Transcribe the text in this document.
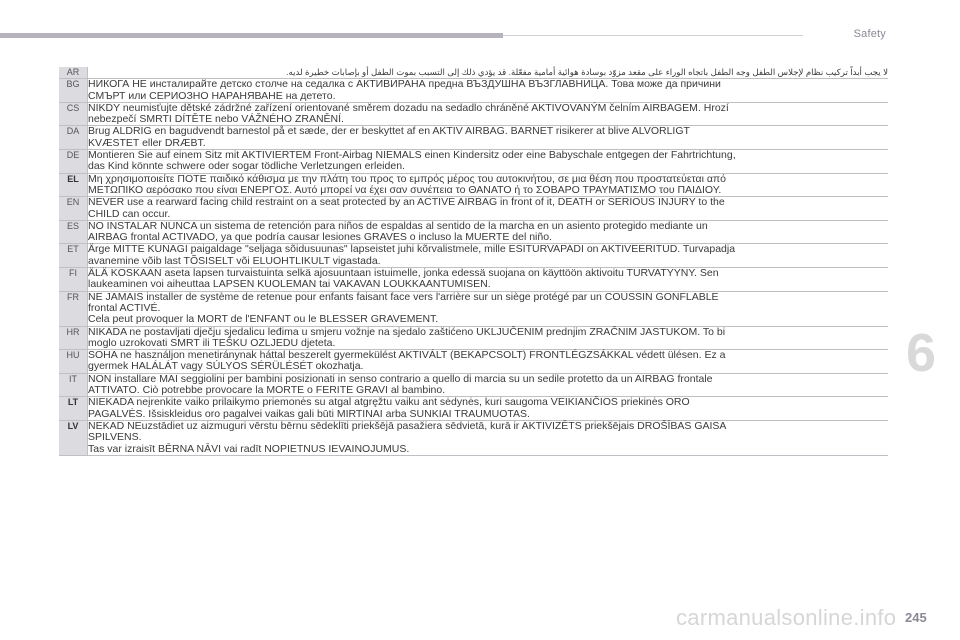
Safety
AR	لا يجب أبداً تركيب نظام لإجلاس الطفل وجه الطفل باتجاه الوراء على مقعد مزوّد بوسادة هوائية أمامية مفعّلة. قد يؤدي ذلك إلى التسبب بموت الطفل أو بإصابات خطيرة لديه.

BG	НИКОГА НЕ инсталирайте детско столче на седалка с АКТИВИРАНА предна ВЪЗДУШНА ВЪЗГЛАВНИЦА. Това може да причини
СМЪРТ или СЕРИОЗНО НАРАНЯВАНЕ на детето.

CS	NIKDY neumisťujte dětské zádržné zařízení orientované směrem dozadu na sedadlo chráněné AKTIVOVANÝM čelním AIRBAGEM. Hrozí
nebezpečí SMRTI DÍTĚTE nebo VÁŽNÉHO ZRANĚNÍ.

DA	Brug ALDRIG en bagudvendt barnestol på et sæde, der er beskyttet af en AKTIV AIRBAG. BARNET risikerer at blive ALVORLIGT
KVÆSTET eller DRÆBT.

DE	Montieren Sie auf einem Sitz mit AKTIVIERTEM Front-Airbag NIEMALS einen Kindersitz oder eine Babyschale entgegen der Fahrtrichtung,
das Kind könnte schwere oder sogar tödliche Verletzungen erleiden.

EL	Μη χρησιμοποιείτε ΠΟΤΕ παιδικό κάθισμα με την πλάτη του προς το εμπρός μέρος του αυτοκινήτου, σε μια θέση που προστατεύεται από
ΜΕΤΩΠΙΚΟ αερόσακο που είναι ΕΝΕΡΓΟΣ. Αυτό μπορεί να έχει σαν συνέπεια το ΘΑΝΑΤΟ ή το ΣΟΒΑΡΟ ΤΡΑΥΜΑΤΙΣΜΟ του ΠΑΙΔΙΟΥ.

EN	NEVER use a rearward facing child restraint on a seat protected by an ACTIVE AIRBAG in front of it, DEATH or SERIOUS INJURY to the
CHILD can occur.

ES	NO INSTALAR NUNCA un sistema de retención para niños de espaldas al sentido de la marcha en un asiento protegido mediante un
AIRBAG frontal ACTIVADO, ya que podría causar lesiones GRAVES o incluso la MUERTE del niño.

ET	Ärge MITTE KUNAGI paigaldage "seljaga sõidusuunas" lapseistet juhi kõrvalistmele, mille ESITURVAPADI on AKTIVEERITUD. Turvapadja
avanemine võib last TÕSISELT või ELUOHTLIKULT vigastada.

FI	ÄLÄ KOSKAAN aseta lapsen turvaistuinta selkä ajosuuntaan istuimelle, jonka edessä suojana on käyttöön aktivoitu TURVATYYNY. Sen
laukeaminen voi aiheuttaa LAPSEN KUOLEMAN tai VAKAVAN LOUKKAANTUMISEN.

FR	NE JAMAIS installer de système de retenue pour enfants faisant face vers l'arrière sur un siège protégé par un COUSSIN GONFLABLE
frontal ACTIVÉ.
Cela peut provoquer la MORT de l'ENFANT ou le BLESSER GRAVEMENT.

HR	NIKADA ne postavljati dječju sjedalicu leđima u smjeru vožnje na sjedalo zaštićeno UKLJUČENIM prednjim ZRAČNIM JASTUKOM. To bi
moglo uzrokovati SMRT ili TEŠKU OZLJEDU djeteta.

HU	SOHA ne használjon menetiránynak háttal beszerelt gyermekülést AKTIVÁLT (BEKAPCSOLT) FRONTLÉGZSÁKKAL védett ülésen. Ez a
gyermek HALÁLÁT vagy SÚLYOS SÉRÜLÉSÉT okozhatja.

IT	NON installare MAI seggiolini per bambini posizionati in senso contrario a quello di marcia su un sedile protetto da un AIRBAG frontale
ATTIVATO. Ciò potrebbe provocare la MORTE o FERITE GRAVI al bambino.

LT	NIEKADA neįrenkite vaiko prilaikymo priemonės su atgal atgręžtu vaiku ant sėdynės, kuri saugoma VEIKIANČIOS priekinės ORO
PAGALVĖS. Išsiskleidus oro pagalvei vaikas gali būti MIRTINAI arba SUNKIAI TRAUMUOTAS.

LV	NEKAD NEuzstādiet uz aizmuguri vērstu bērnu sēdeklīti priekšējā pasažiera sēdvietā, kurā ir AKTIVIZĒTS priekšējais DROŠĪBAS GAISA
SPILVENS.
Tas var izraisīt BĒRNA NĀVI vai radīt NOPIETNUS IEVAINOJUMUS.
6
carmanualsonline.info 245
